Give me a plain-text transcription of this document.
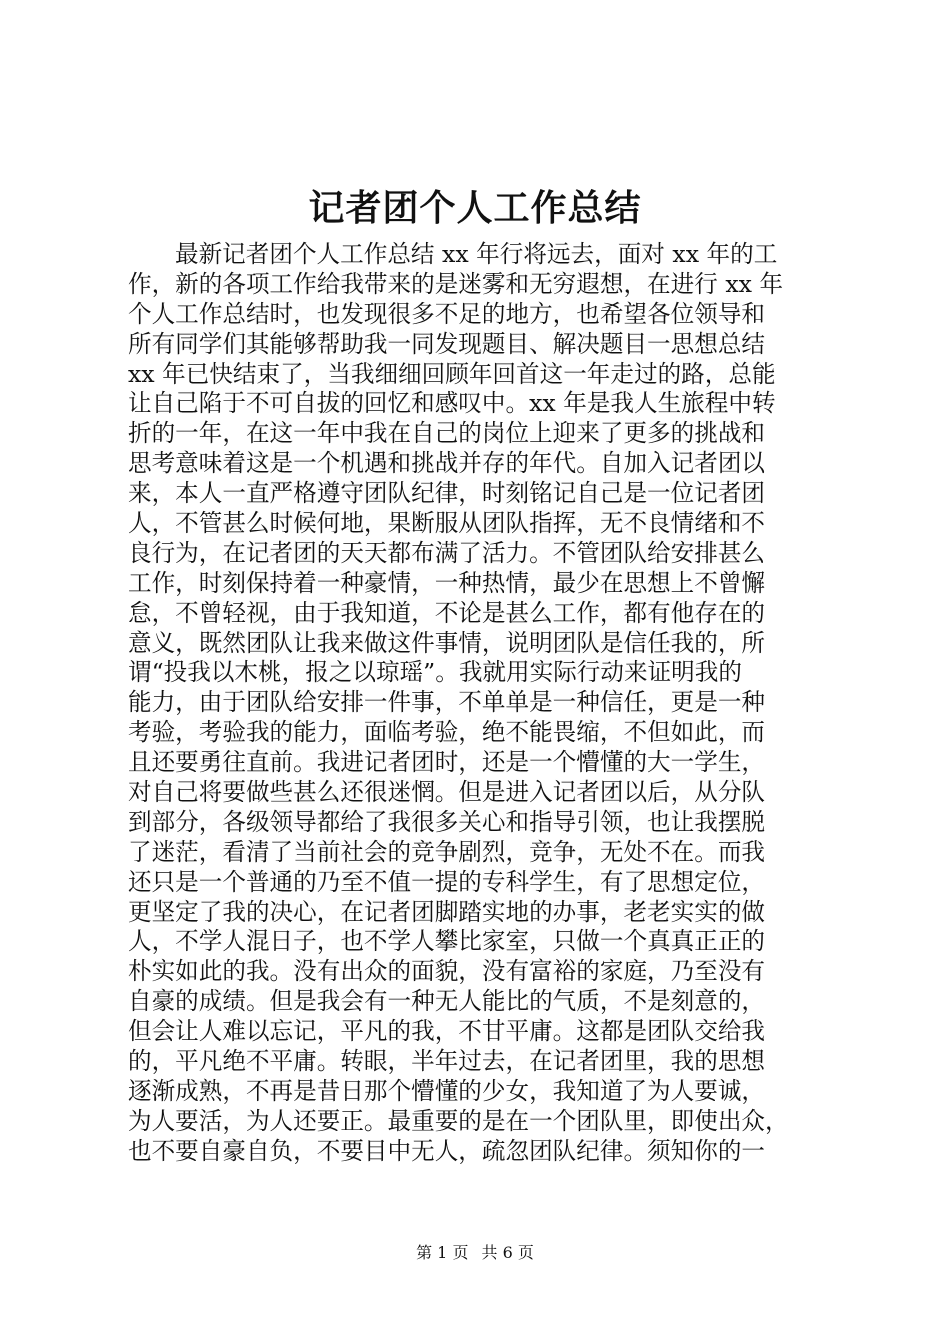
记者团个人工作总结
最新记者团个人工作总结 xx 年行将远去，面对 xx 年的工
作，新的各项工作给我带来的是迷雾和无穷遐想，在进行 xx 年
个人工作总结时，也发现很多不足的地方，也希望各位领导和
所有同学们其能够帮助我一同发现题目、解决题目一思想总结
xx 年已快结束了，当我细细回顾年回首这一年走过的路，总能
让自己陷于不可自拔的回忆和感叹中。xx 年是我人生旅程中转
折的一年，在这一年中我在自己的岗位上迎来了更多的挑战和
思考意味着这是一个机遇和挑战并存的年代。自加入记者团以
来，本人一直严格遵守团队纪律，时刻铭记自己是一位记者团
人，不管甚么时候何地，果断服从团队指挥，无不良情绪和不
良行为，在记者团的天天都布满了活力。不管团队给安排甚么
工作，时刻保持着一种豪情，一种热情，最少在思想上不曾懈
怠，不曾轻视，由于我知道，不论是甚么工作，都有他存在的
意义，既然团队让我来做这件事情，说明团队是信任我的，所
谓“投我以木桃，报之以琼瑶”。我就用实际行动来证明我的
能力，由于团队给安排一件事，不单单是一种信任，更是一种
考验，考验我的能力，面临考验，绝不能畏缩，不但如此，而
且还要勇往直前。我进记者团时，还是一个懵懂的大一学生，
对自己将要做些甚么还很迷惘。但是进入记者团以后，从分队
到部分，各级领导都给了我很多关心和指导引领，也让我摆脱
了迷茫，看清了当前社会的竞争剧烈，竞争，无处不在。而我
还只是一个普通的乃至不值一提的专科学生，有了思想定位，
更坚定了我的决心，在记者团脚踏实地的办事，老老实实的做
人，不学人混日子，也不学人攀比家室，只做一个真真正正的
朴实如此的我。没有出众的面貌，没有富裕的家庭，乃至没有
自豪的成绩。但是我会有一种无人能比的气质，不是刻意的，
但会让人难以忘记，平凡的我，不甘平庸。这都是团队交给我
的，平凡绝不平庸。转眼，半年过去，在记者团里，我的思想
逐渐成熟，不再是昔日那个懵懂的少女，我知道了为人要诚，
为人要活，为人还要正。最重要的是在一个团队里，即使出众，
也不要自豪自负，不要目中无人，疏忽团队纪律。须知你的一
第 1 页 共 6 页
